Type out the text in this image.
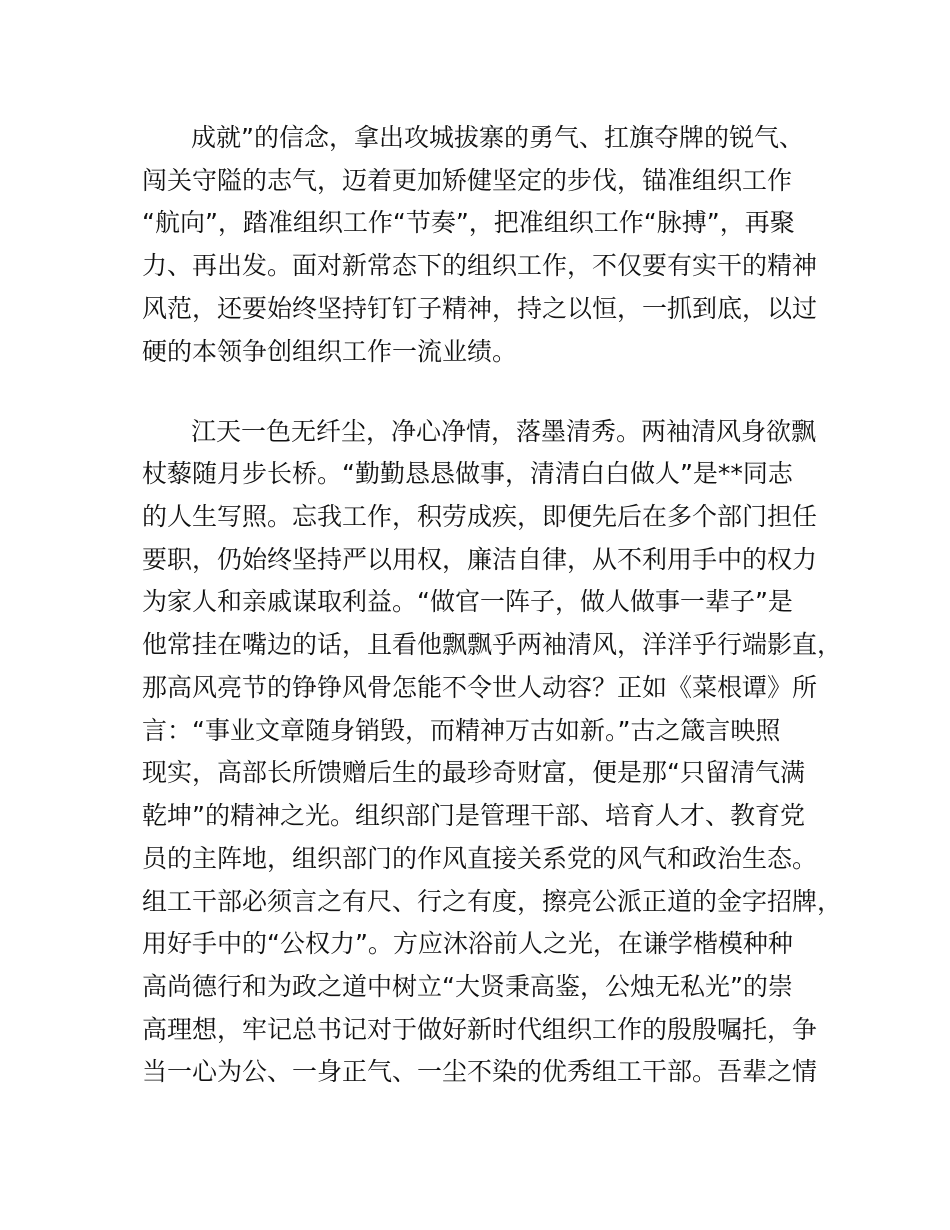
成就”的信念，拿出攻城拔寨的勇气、扛旗夺牌的锐气、

闯关守隘的志气，迈着更加矫健坚定的步伐，锚准组织工作

“航向”，踏准组织工作“节奏”，把准组织工作“脉搏”，再聚

力、再出发。面对新常态下的组织工作，不仅要有实干的精神

风范，还要始终坚持钉钉子精神，持之以恒，一抓到底，以过

硬的本领争创组织工作一流业绩。

江天一色无纤尘，净心净情，落墨清秀。两袖清风身欲飘

杖藜随月步长桥。“勤勤恳恳做事，清清白白做人”是**同志

的人生写照。忘我工作，积劳成疾，即便先后在多个部门担任

要职，仍始终坚持严以用权，廉洁自律，从不利用手中的权力

为家人和亲戚谋取利益。“做官一阵子，做人做事一辈子”是

他常挂在嘴边的话，且看他飘飘乎两袖清风，洋洋乎行端影直，

那高风亮节的铮铮风骨怎能不令世人动容？正如《菜根谭》所

言：“事业文章随身销毁，而精神万古如新。”古之箴言映照

现实，高部长所馈赠后生的最珍奇财富，便是那“只留清气满

乾坤”的精神之光。组织部门是管理干部、培育人才、教育党

员的主阵地，组织部门的作风直接关系党的风气和政治生态。

组工干部必须言之有尺、行之有度，擦亮公派正道的金字招牌，

用好手中的“公权力”。方应沐浴前人之光，在谦学楷模种种

高尚德行和为政之道中树立“大贤秉高鉴，公烛无私光”的崇

高理想，牢记总书记对于做好新时代组织工作的殷殷嘱托，争

当一心为公、一身正气、一尘不染的优秀组工干部。吾辈之情
